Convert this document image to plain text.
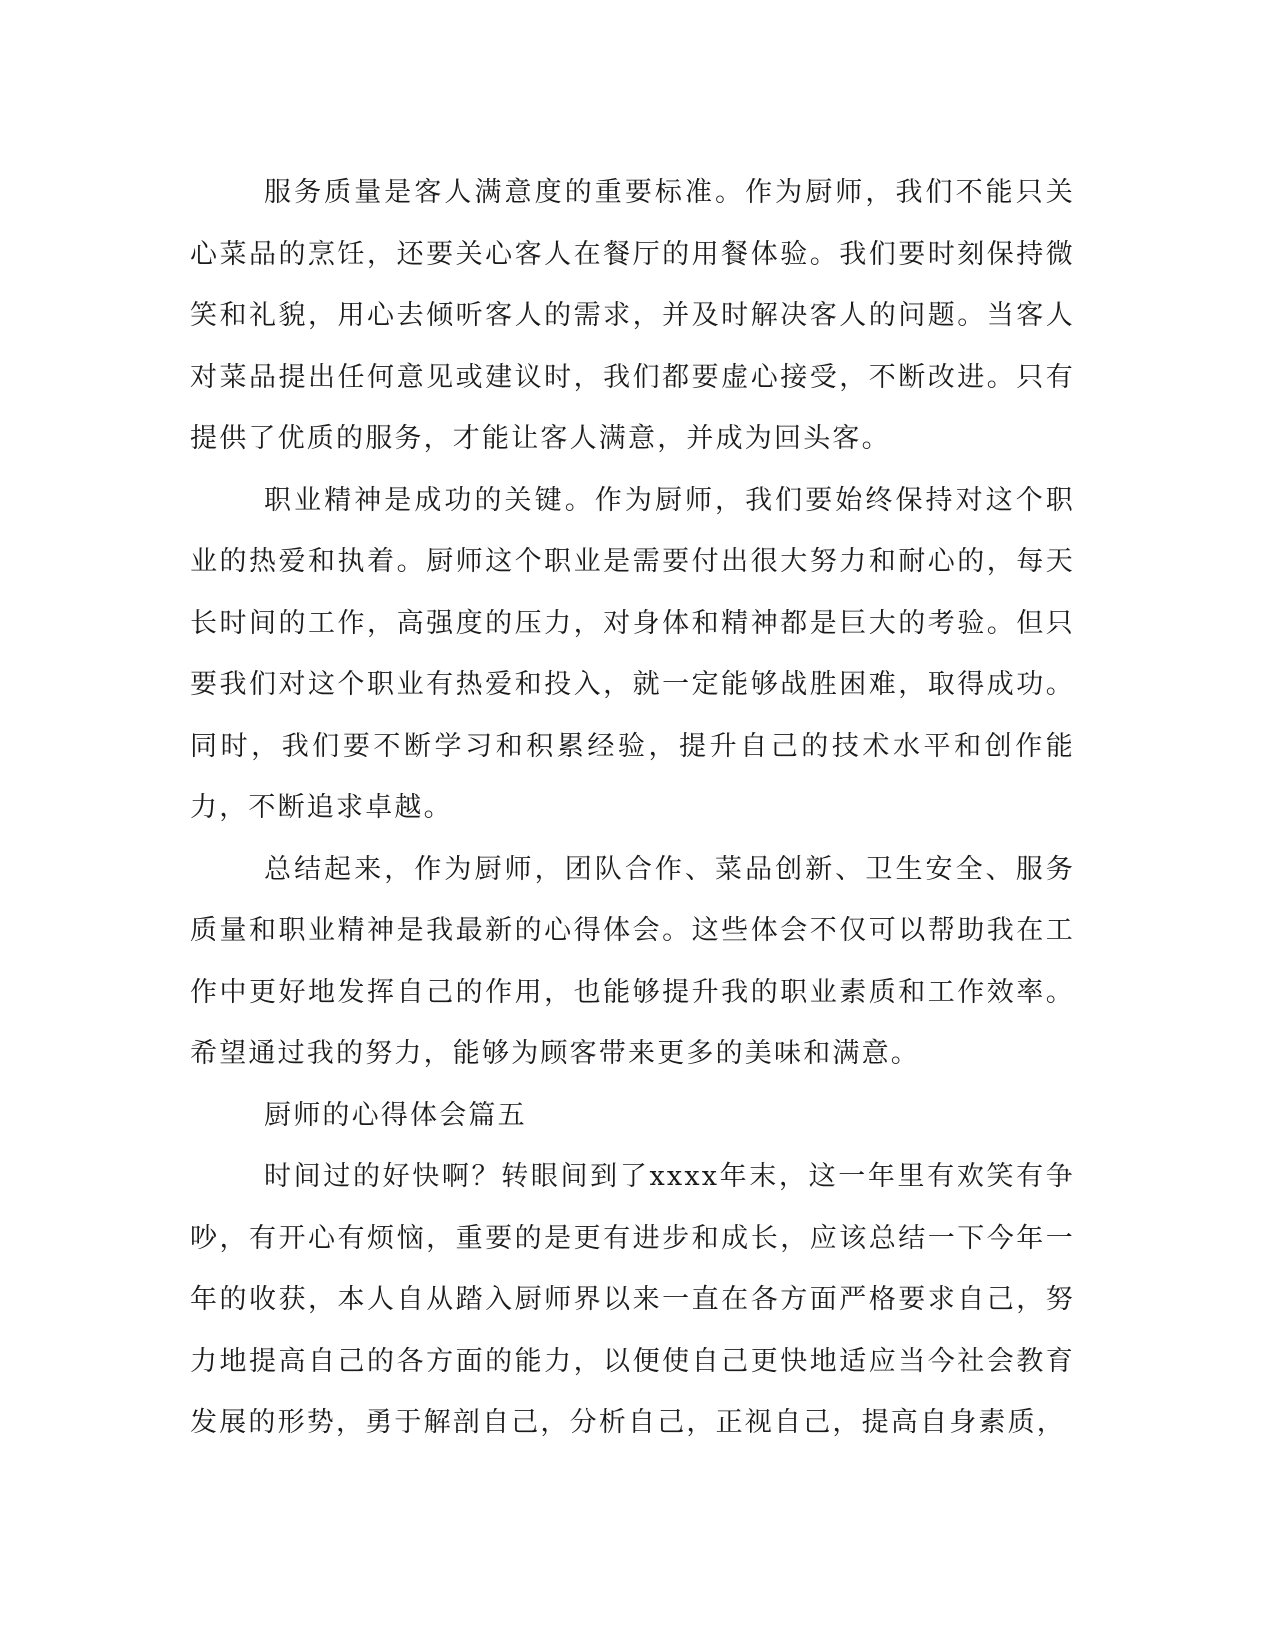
服务质量是客人满意度的重要标准。作为厨师，我们不能只关心菜品的烹饪，还要关心客人在餐厅的用餐体验。我们要时刻保持微笑和礼貌，用心去倾听客人的需求，并及时解决客人的问题。当客人对菜品提出任何意见或建议时，我们都要虚心接受，不断改进。只有提供了优质的服务，才能让客人满意，并成为回头客。

职业精神是成功的关键。作为厨师，我们要始终保持对这个职业的热爱和执着。厨师这个职业是需要付出很大努力和耐心的，每天长时间的工作，高强度的压力，对身体和精神都是巨大的考验。但只要我们对这个职业有热爱和投入，就一定能够战胜困难，取得成功。同时，我们要不断学习和积累经验，提升自己的技术水平和创作能力，不断追求卓越。

总结起来，作为厨师，团队合作、菜品创新、卫生安全、服务质量和职业精神是我最新的心得体会。这些体会不仅可以帮助我在工作中更好地发挥自己的作用，也能够提升我的职业素质和工作效率。希望通过我的努力，能够为顾客带来更多的美味和满意。

厨师的心得体会篇五

时间过的好快啊？转眼间到了xxxx年末，这一年里有欢笑有争吵，有开心有烦恼，重要的是更有进步和成长，应该总结一下今年一年的收获，本人自从踏入厨师界以来一直在各方面严格要求自己，努力地提高自己的各方面的能力，以便使自己更快地适应当今社会教育发展的形势，勇于解剖自己，分析自己，正视自己，提高自身素质，
